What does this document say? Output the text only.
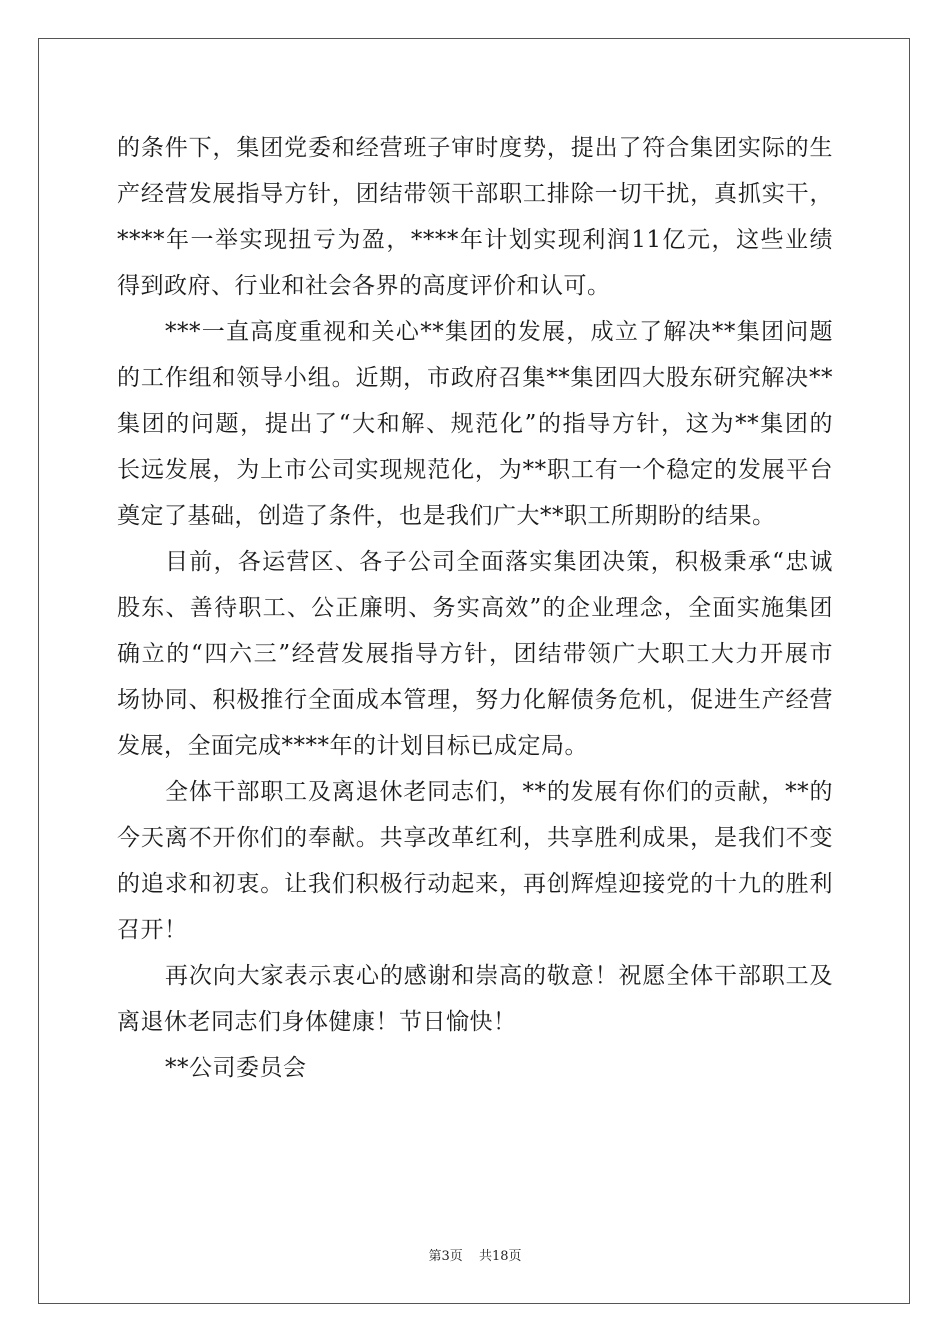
的条件下，集团党委和经营班子审时度势，提出了符合集团实际的生
产经营发展指导方针，团结带领干部职工排除一切干扰，真抓实干，
****年一举实现扭亏为盈，****年计划实现利润11亿元，这些业绩
得到政府、行业和社会各界的高度评价和认可。
***一直高度重视和关心**集团的发展，成立了解决**集团问题
的工作组和领导小组。近期，市政府召集**集团四大股东研究解决**
集团的问题，提出了“大和解、规范化”的指导方针，这为**集团的
长远发展，为上市公司实现规范化，为**职工有一个稳定的发展平台
奠定了基础，创造了条件，也是我们广大**职工所期盼的结果。
目前，各运营区、各子公司全面落实集团决策，积极秉承“忠诚
股东、善待职工、公正廉明、务实高效”的企业理念，全面实施集团
确立的“四六三”经营发展指导方针，团结带领广大职工大力开展市
场协同、积极推行全面成本管理，努力化解债务危机，促进生产经营
发展，全面完成****年的计划目标已成定局。
全体干部职工及离退休老同志们，**的发展有你们的贡献，**的
今天离不开你们的奉献。共享改革红利，共享胜利成果，是我们不变
的追求和初衷。让我们积极行动起来，再创辉煌迎接党的十九的胜利
召开！
再次向大家表示衷心的感谢和崇高的敬意！祝愿全体干部职工及
离退休老同志们身体健康！节日愉快！
**公司委员会
第3页 共18页
